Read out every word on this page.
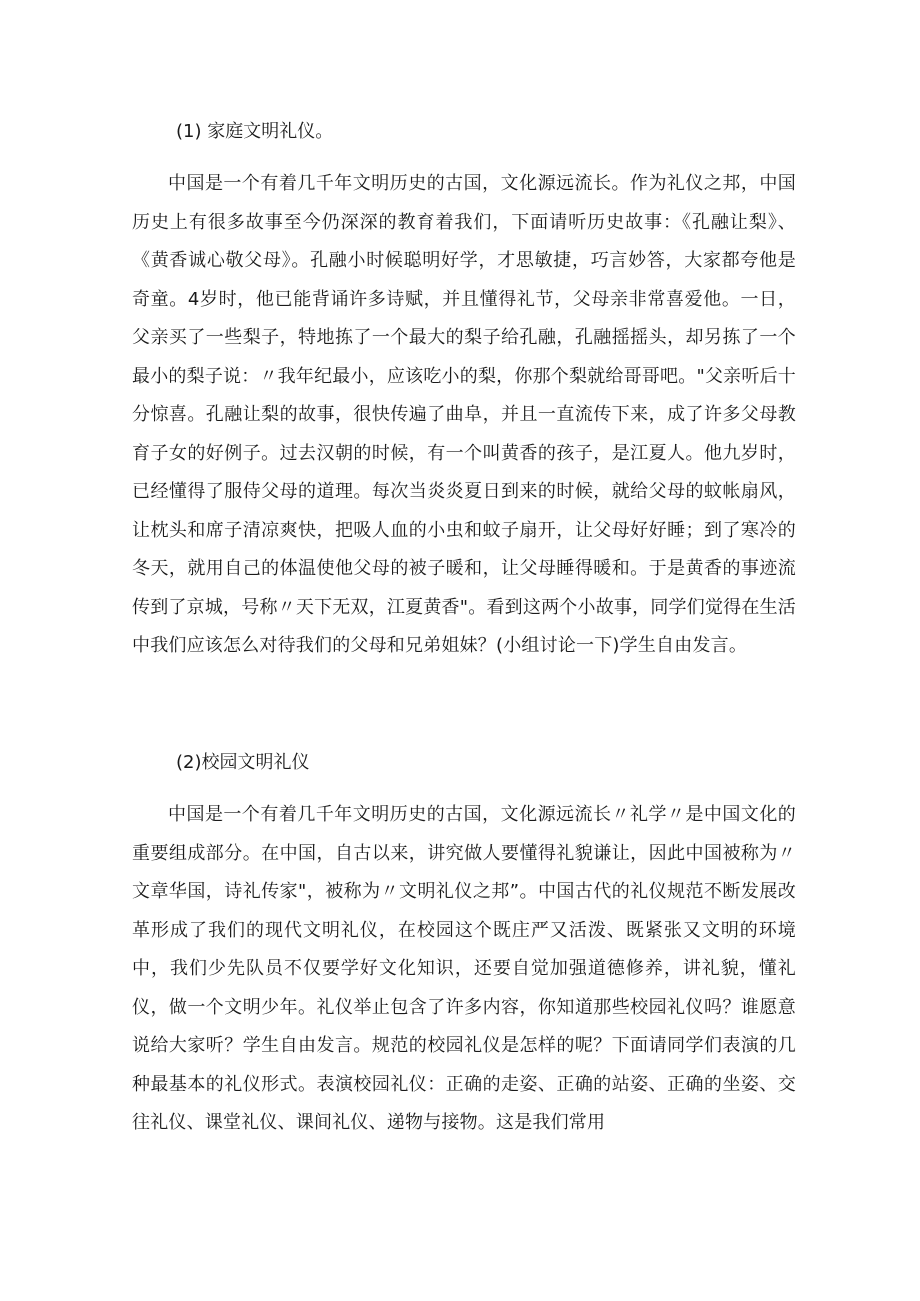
(1) 家庭文明礼仪。

中国是一个有着几千年文明历史的古国，文化源远流长。作为礼仪之邦，中国历史上有很多故事至今仍深深的教育着我们，下面请听历史故事：《孔融让梨》、《黄香诚心敬父母》。孔融小时候聪明好学，才思敏捷，巧言妙答，大家都夸他是奇童。4岁时，他已能背诵许多诗赋，并且懂得礼节，父母亲非常喜爱他。一日，父亲买了一些梨子，特地拣了一个最大的梨子给孔融，孔融摇摇头，却另拣了一个最小的梨子说：〃我年纪最小，应该吃小的梨，你那个梨就给哥哥吧。"父亲听后十分惊喜。孔融让梨的故事，很快传遍了曲阜，并且一直流传下来，成了许多父母教育子女的好例子。过去汉朝的时候，有一个叫黄香的孩子，是江夏人。他九岁时，已经懂得了服侍父母的道理。每次当炎炎夏日到来的时候，就给父母的蚊帐扇风，让枕头和席子清凉爽快，把吸人血的小虫和蚊子扇开，让父母好好睡；到了寒冷的冬天，就用自己的体温使他父母的被子暖和，让父母睡得暖和。于是黄香的事迹流传到了京城，号称〃天下无双，江夏黄香"。看到这两个小故事，同学们觉得在生活中我们应该怎么对待我们的父母和兄弟姐妹？(小组讨论一下)学生自由发言。

(2)校园文明礼仪

中国是一个有着几千年文明历史的古国，文化源远流长〃礼学〃是中国文化的重要组成部分。在中国，自古以来，讲究做人要懂得礼貌谦让，因此中国被称为〃文章华国，诗礼传家"，被称为〃文明礼仪之邦”。中国古代的礼仪规范不断发展改革形成了我们的现代文明礼仪，在校园这个既庄严又活泼、既紧张又文明的环境中，我们少先队员不仅要学好文化知识，还要自觉加强道德修养，讲礼貌，懂礼仪，做一个文明少年。礼仪举止包含了许多内容，你知道那些校园礼仪吗？谁愿意说给大家听？学生自由发言。规范的校园礼仪是怎样的呢？下面请同学们表演的几种最基本的礼仪形式。表演校园礼仪：正确的走姿、正确的站姿、正确的坐姿、交往礼仪、课堂礼仪、课间礼仪、递物与接物。这是我们常用
